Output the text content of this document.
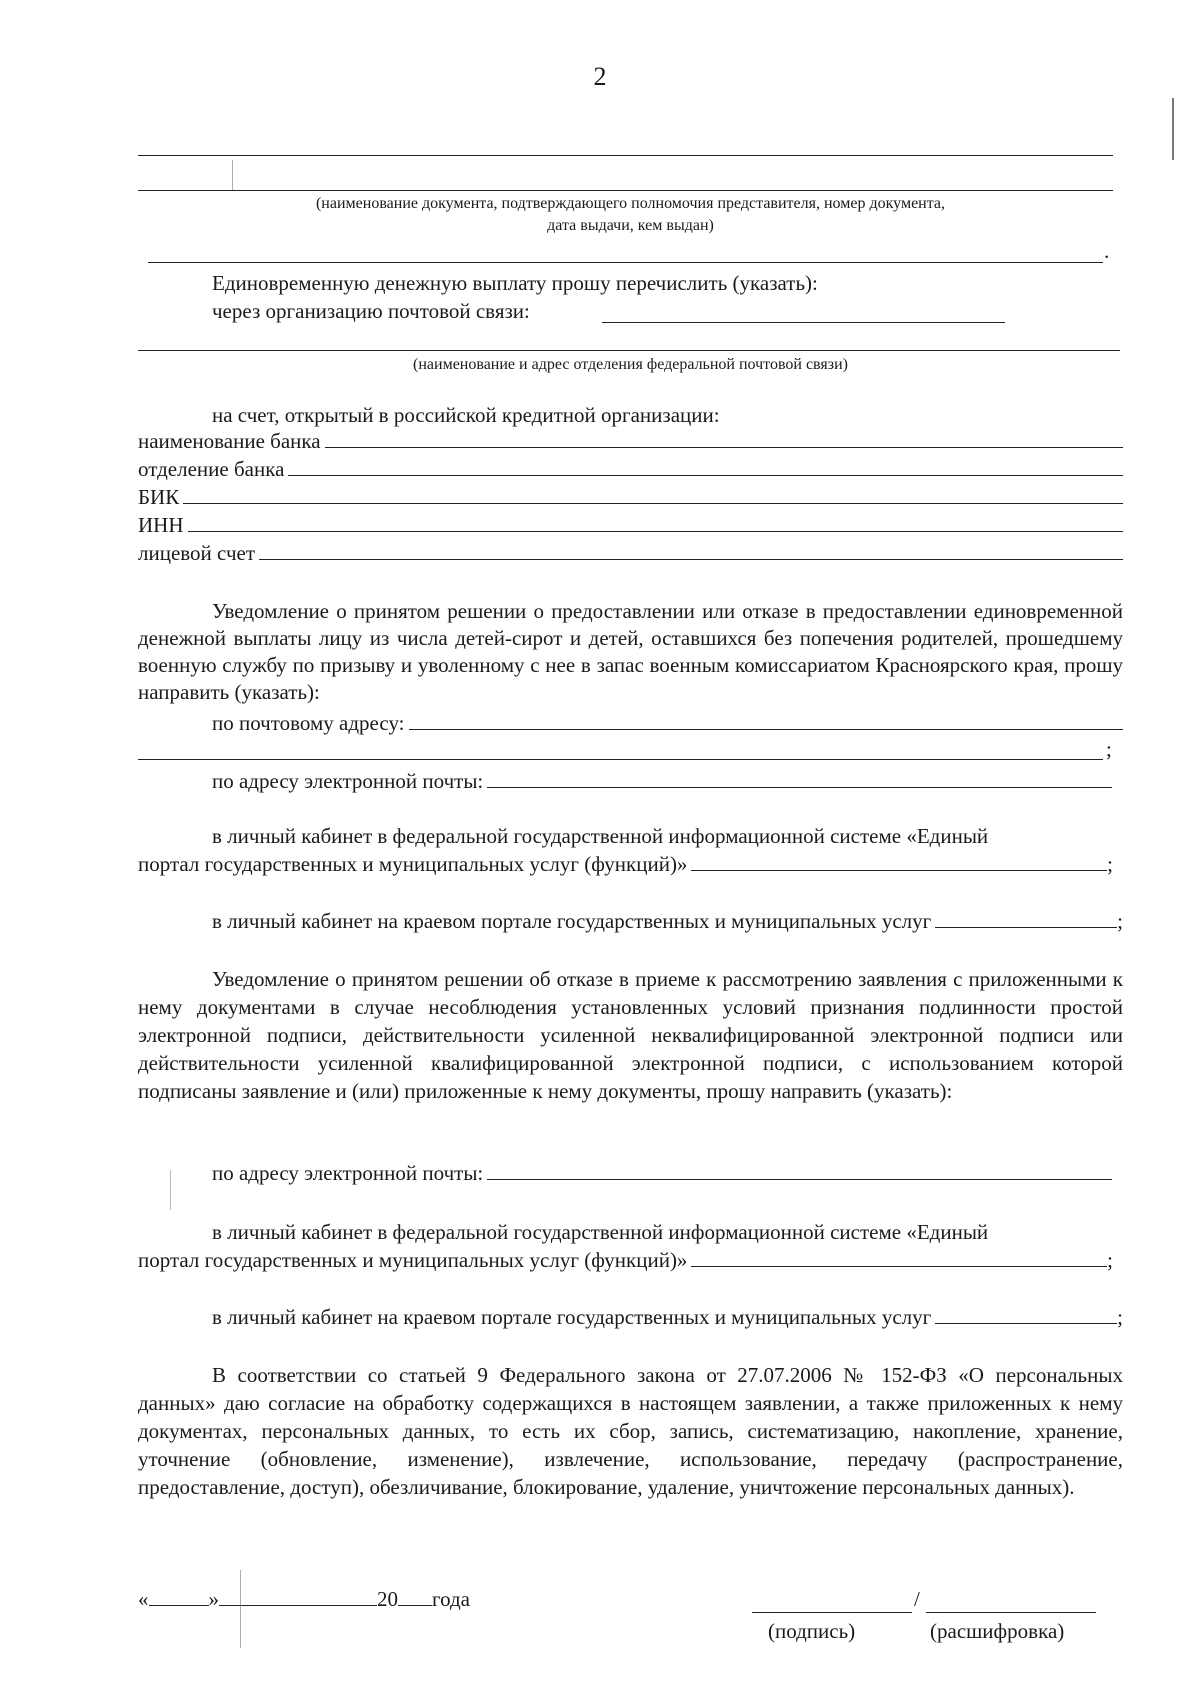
2
(наименование документа, подтверждающего полномочия представителя, номер документа,
дата выдачи, кем выдан)
.
Единовременную денежную выплату прошу перечислить (указать):
через организацию почтовой связи:
(наименование и адрес отделения федеральной почтовой связи)
на счет, открытый в российской кредитной организации:
наименование банка
отделение банка
БИК
ИНН
лицевой счет
Уведомление о принятом решении о предоставлении или отказе в предоставлении единовременной денежной выплаты лицу из числа детей-сирот и детей, оставшихся без попечения родителей, прошедшему военную службу по призыву и уволенному с нее в запас военным комиссариатом Красноярского края, прошу направить (указать):
по почтовому адресу:
;
по адресу электронной почты:
в личный кабинет в федеральной государственной информационной системе «Единый
портал государственных и муниципальных услуг (функций)»	;
в личный кабинет на краевом портале государственных и муниципальных услуг	;
Уведомление о принятом решении об отказе в приеме к рассмотрению заявления с приложенными к нему документами в случае несоблюдения установленных условий признания подлинности простой электронной подписи, действительности усиленной неквалифицированной электронной подписи или действительности усиленной квалифицированной электронной подписи, с использованием которой подписаны заявление и (или) приложенные к нему документы, прошу направить (указать):
по адресу электронной почты:
в личный кабинет в федеральной государственной информационной системе «Единый
портал государственных и муниципальных услуг (функций)»	;
в личный кабинет на краевом портале государственных и муниципальных услуг	;
В соответствии со статьей 9 Федерального закона от 27.07.2006 № 152-ФЗ «О персональных данных» даю согласие на обработку содержащихся в настоящем заявлении, а также приложенных к нему документах, персональных данных, то есть их сбор, запись, систематизацию, накопление, хранение, уточнение (обновление, изменение), извлечение, использование, передачу (распространение, предоставление, доступ), обезличивание, блокирование, удаление, уничтожение персональных данных).
«	»	20 года	/
(подпись)	(расшифровка)
